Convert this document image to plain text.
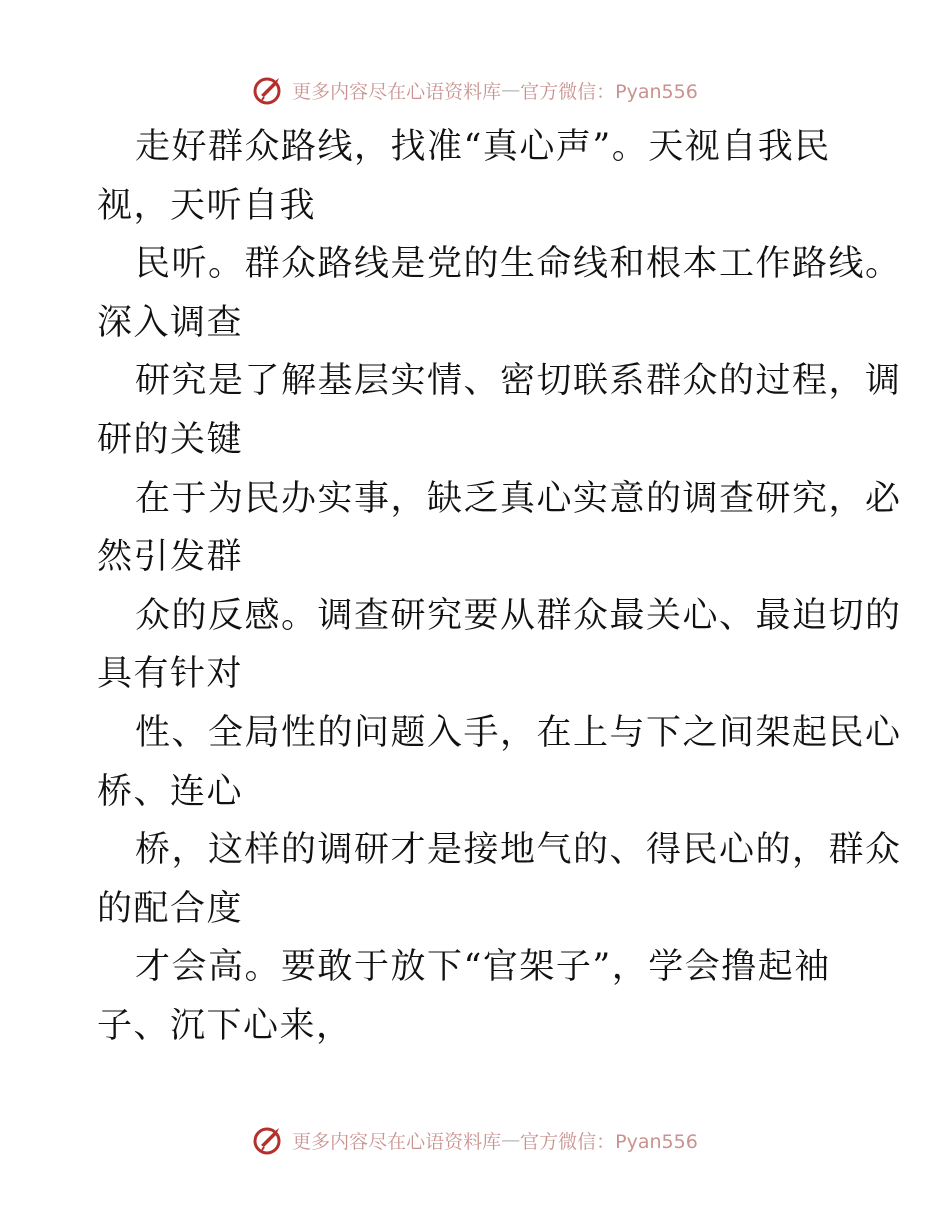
更多内容尽在心语资料库 — 官方微信：Pyan556
走好群众路线，找准“真心声”。天视自我民
视，天听自我
民听。群众路线是党的生命线和根本工作路线。
深入调查
研究是了解基层实情、密切联系群众的过程，调
研的关键
在于为民办实事，缺乏真心实意的调查研究，必
然引发群
众的反感。调查研究要从群众最关心、最迫切的
具有针对
性、全局性的问题入手，在上与下之间架起民心
桥、连心
桥，这样的调研才是接地气的、得民心的，群众
的配合度
才会高。要敢于放下“官架子”，学会撸起袖
子、沉下心来，
更多内容尽在心语资料库 — 官方微信：Pyan556
